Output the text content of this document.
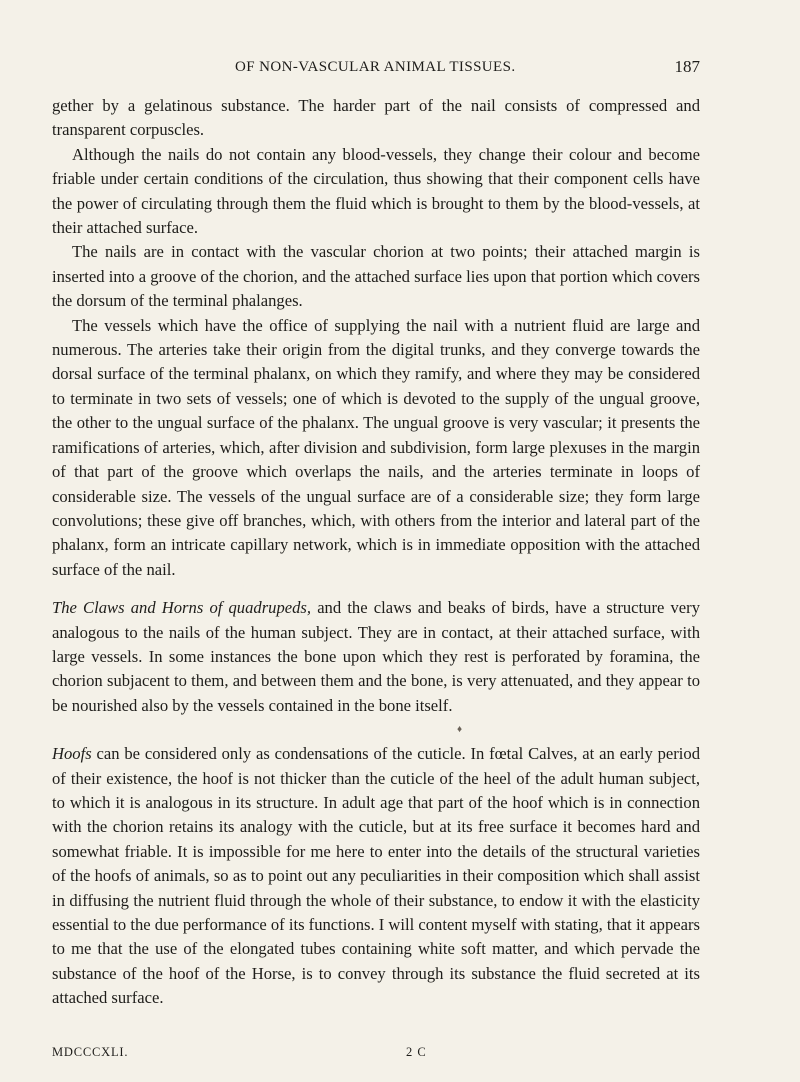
OF NON-VASCULAR ANIMAL TISSUES.	187

gether by a gelatinous substance. The harder part of the nail consists of compressed and transparent corpuscles.

Although the nails do not contain any blood-vessels, they change their colour and become friable under certain conditions of the circulation, thus showing that their component cells have the power of circulating through them the fluid which is brought to them by the blood-vessels, at their attached surface.

The nails are in contact with the vascular chorion at two points; their attached margin is inserted into a groove of the chorion, and the attached surface lies upon that portion which covers the dorsum of the terminal phalanges.

The vessels which have the office of supplying the nail with a nutrient fluid are large and numerous. The arteries take their origin from the digital trunks, and they converge towards the dorsal surface of the terminal phalanx, on which they ramify, and where they may be considered to terminate in two sets of vessels; one of which is devoted to the supply of the ungual groove, the other to the ungual surface of the phalanx. The ungual groove is very vascular; it presents the ramifications of arteries, which, after division and subdivision, form large plexuses in the margin of that part of the groove which overlaps the nails, and the arteries terminate in loops of considerable size. The vessels of the ungual surface are of a considerable size; they form large convolutions; these give off branches, which, with others from the interior and lateral part of the phalanx, form an intricate capillary network, which is in immediate opposition with the attached surface of the nail.

The Claws and Horns of quadrupeds, and the claws and beaks of birds, have a structure very analogous to the nails of the human subject. They are in contact, at their attached surface, with large vessels. In some instances the bone upon which they rest is perforated by foramina, the chorion subjacent to them, and between them and the bone, is very attenuated, and they appear to be nourished also by the vessels contained in the bone itself.

♦

Hoofs can be considered only as condensations of the cuticle. In fœtal Calves, at an early period of their existence, the hoof is not thicker than the cuticle of the heel of the adult human subject, to which it is analogous in its structure. In adult age that part of the hoof which is in connection with the chorion retains its analogy with the cuticle, but at its free surface it becomes hard and somewhat friable. It is impossible for me here to enter into the details of the structural varieties of the hoofs of animals, so as to point out any peculiarities in their composition which shall assist in diffusing the nutrient fluid through the whole of their substance, to endow it with the elasticity essential to the due performance of its functions. I will content myself with stating, that it appears to me that the use of the elongated tubes containing white soft matter, and which pervade the substance of the hoof of the Horse, is to convey through its substance the fluid secreted at its attached surface.

MDCCCXLI.	2 C
